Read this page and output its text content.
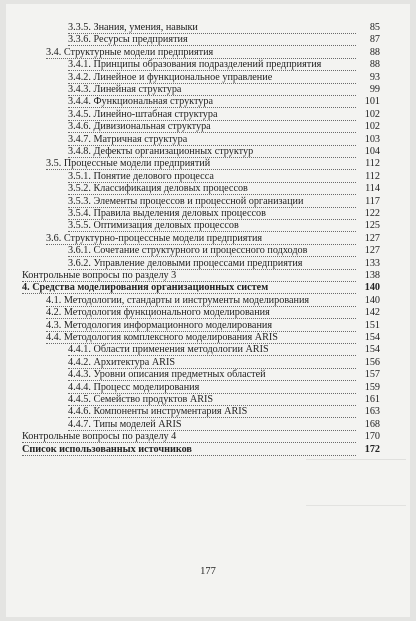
3.3.5. Знания, умения, навыки	85
3.3.6. Ресурсы предприятия	87
3.4. Структурные модели предприятия	88
3.4.1. Принципы образования подразделений предприятия	88
3.4.2. Линейное и функциональное управление	93
3.4.3. Линейная структура	99
3.4.4. Функциональная структура	101
3.4.5. Линейно-штабная структура	102
3.4.6. Дивизиональная структура	102
3.4.7. Матричная структура	103
3.4.8. Дефекты организационных структур	104
3.5. Процессные модели предприятий	112
3.5.1. Понятие делового процесса	112
3.5.2. Классификация деловых процессов	114
3.5.3. Элементы процессов и процессной организации	117
3.5.4. Правила выделения деловых процессов	122
3.5.5. Оптимизация деловых процессов	125
3.6. Структурно-процессные модели предприятия	127
3.6.1. Сочетание структурного и процессного подходов	127
3.6.2. Управление деловыми процессами предприятия	133
Контрольные вопросы по разделу 3	138
4. Средства моделирования организационных систем	140
4.1. Методологии, стандарты и инструменты моделирования	140
4.2. Методология функционального моделирования	142
4.3. Методология информационного моделирования	151
4.4. Методология комплексного моделирования ARIS	154
4.4.1. Области применения методологии ARIS	154
4.4.2. Архитектура ARIS	156
4.4.3. Уровни описания предметных областей	157
4.4.4. Процесс моделирования	159
4.4.5. Семейство продуктов ARIS	161
4.4.6. Компоненты инструментария ARIS	163
4.4.7. Типы моделей ARIS	168
Контрольные вопросы по разделу 4	170
Список использованных источников	172
177
